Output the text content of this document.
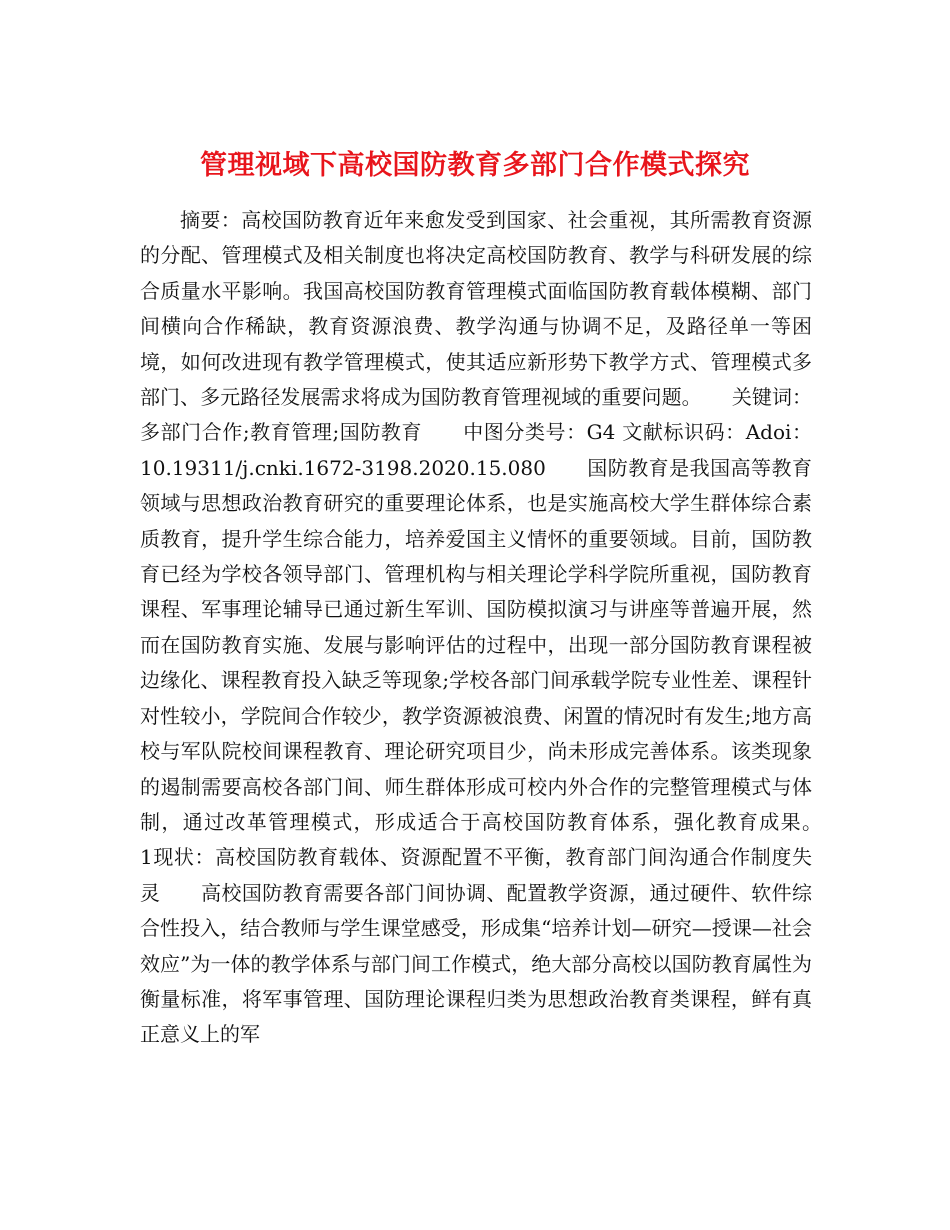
管理视域下高校国防教育多部门合作模式探究

摘要：高校国防教育近年来愈发受到国家、社会重视，其所需教育资源的分配、管理模式及相关制度也将决定高校国防教育、教学与科研发展的综合质量水平影响。我国高校国防教育管理模式面临国防教育载体模糊、部门间横向合作稀缺，教育资源浪费、教学沟通与协调不足，及路径单一等困境，如何改进现有教学管理模式，使其适应新形势下教学方式、管理模式多部门、多元路径发展需求将成为国防教育管理视域的重要问题。　　关键词：多部门合作;教育管理;国防教育　　中图分类号：G4 文献标识码：Adoi：10.19311/j.cnki.1672-3198.2020.15.080　　国防教育是我国高等教育领域与思想政治教育研究的重要理论体系，也是实施高校大学生群体综合素质教育，提升学生综合能力，培养爱国主义情怀的重要领域。目前，国防教育已经为学校各领导部门、管理机构与相关理论学科学院所重视，国防教育课程、军事理论辅导已通过新生军训、国防模拟演习与讲座等普遍开展，然而在国防教育实施、发展与影响评估的过程中，出现一部分国防教育课程被边缘化、课程教育投入缺乏等现象;学校各部门间承载学院专业性差、课程针对性较小，学院间合作较少，教学资源被浪费、闲置的情况时有发生;地方高校与军队院校间课程教育、理论研究项目少，尚未形成完善体系。该类现象的遏制需要高校各部门间、师生群体形成可校内外合作的完整管理模式与体制，通过改革管理模式，形成适合于高校国防教育体系，强化教育成果。　　1现状：高校国防教育载体、资源配置不平衡，教育部门间沟通合作制度失灵　　高校国防教育需要各部门间协调、配置教学资源，通过硬件、软件综合性投入，结合教师与学生课堂感受，形成集“培养计划—研究—授课—社会效应”为一体的教学体系与部门间工作模式，绝大部分高校以国防教育属性为衡量标准，将军事管理、国防理论课程归类为思想政治教育类课程，鲜有真正意义上的军
